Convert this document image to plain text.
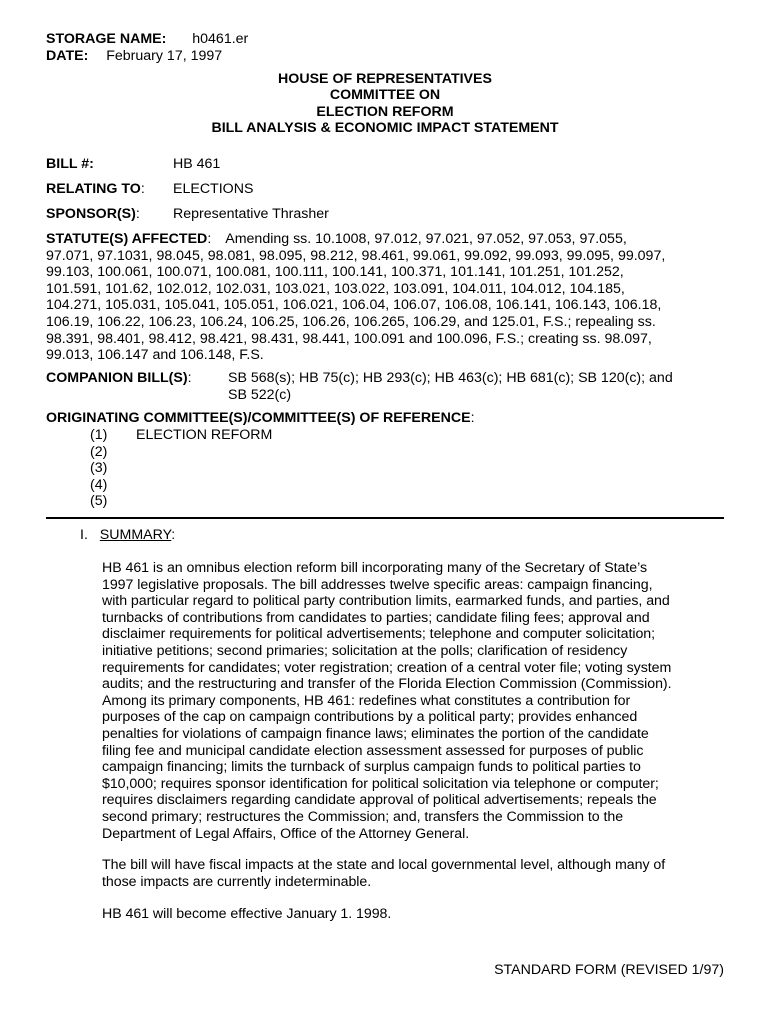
STORAGE NAME: h0461.er
DATE: February 17, 1997
HOUSE OF REPRESENTATIVES
COMMITTEE ON
ELECTION REFORM
BILL ANALYSIS & ECONOMIC IMPACT STATEMENT
BILL #:	HB 461
RELATING TO: ELECTIONS
SPONSOR(S): Representative Thrasher
STATUTE(S) AFFECTED: Amending ss. 10.1008, 97.012, 97.021, 97.052, 97.053, 97.055,
97.071, 97.1031, 98.045, 98.081, 98.095, 98.212, 98.461, 99.061, 99.092, 99.093, 99.095, 99.097,
99.103, 100.061, 100.071, 100.081, 100.111, 100.141, 100.371, 101.141, 101.251, 101.252,
101.591, 101.62, 102.012, 102.031, 103.021, 103.022, 103.091, 104.011, 104.012, 104.185,
104.271, 105.031, 105.041, 105.051, 106.021, 106.04, 106.07, 106.08, 106.141, 106.143, 106.18,
106.19, 106.22, 106.23, 106.24, 106.25, 106.26, 106.265, 106.29, and 125.01, F.S.; repealing ss.
98.391, 98.401, 98.412, 98.421, 98.431, 98.441, 100.091 and 100.096, F.S.; creating ss. 98.097,
99.013, 106.147 and 106.148, F.S.
COMPANION BILL(S):	SB 568(s); HB 75(c); HB 293(c); HB 463(c); HB 681(c); SB 120(c); and
SB 522(c)
ORIGINATING COMMITTEE(S)/COMMITTEE(S) OF REFERENCE:
(1) ELECTION REFORM
(2)
(3)
(4)
(5)
I. SUMMARY:
HB 461 is an omnibus election reform bill incorporating many of the Secretary of State’s
1997 legislative proposals. The bill addresses twelve specific areas: campaign financing,
with particular regard to political party contribution limits, earmarked funds, and parties, and
turnbacks of contributions from candidates to parties; candidate filing fees; approval and
disclaimer requirements for political advertisements; telephone and computer solicitation;
initiative petitions; second primaries; solicitation at the polls; clarification of residency
requirements for candidates; voter registration; creation of a central voter file; voting system
audits; and the restructuring and transfer of the Florida Election Commission (Commission).
Among its primary components, HB 461: redefines what constitutes a contribution for
purposes of the cap on campaign contributions by a political party; provides enhanced
penalties for violations of campaign finance laws; eliminates the portion of the candidate
filing fee and municipal candidate election assessment assessed for purposes of public
campaign financing; limits the turnback of surplus campaign funds to political parties to
$10,000; requires sponsor identification for political solicitation via telephone or computer;
requires disclaimers regarding candidate approval of political advertisements; repeals the
second primary; restructures the Commission; and, transfers the Commission to the
Department of Legal Affairs, Office of the Attorney General.
The bill will have fiscal impacts at the state and local governmental level, although many of
those impacts are currently indeterminable.
HB 461 will become effective January 1. 1998.
STANDARD FORM (REVISED 1/97)
